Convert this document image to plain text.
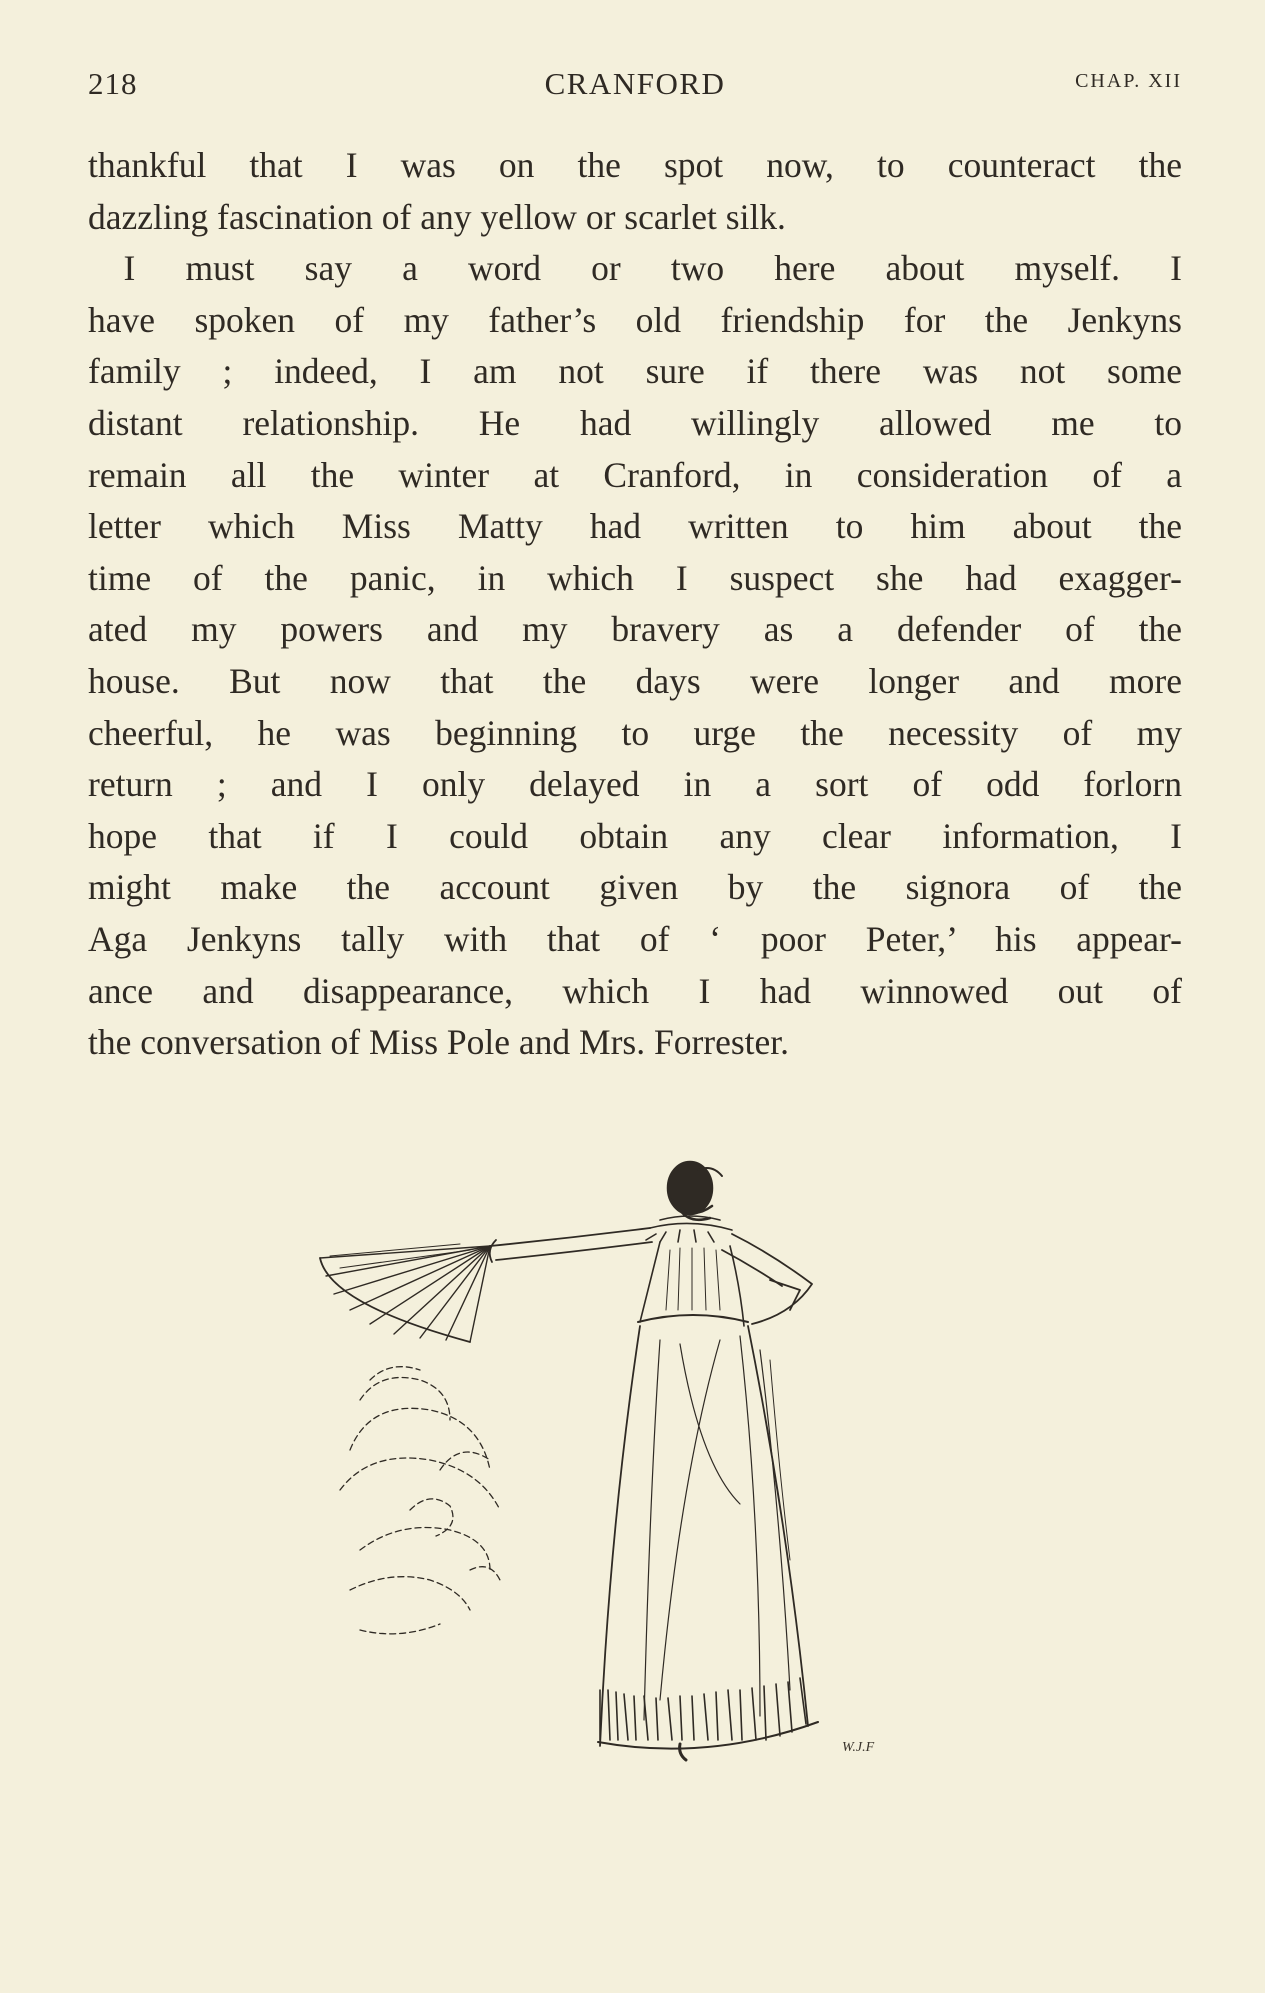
218	CRANFORD	CHAP. XII
thankful that I was on the spot now, to counteract the
dazzling fascination of any yellow or scarlet silk.
 I must say a word or two here about myself. I
have spoken of my father’s old friendship for the Jenkyns
family ; indeed, I am not sure if there was not some
distant relationship. He had willingly allowed me to
remain all the winter at Cranford, in consideration of a
letter which Miss Matty had written to him about the
time of the panic, in which I suspect she had exagger-
ated my powers and my bravery as a defender of the
house. But now that the days were longer and more
cheerful, he was beginning to urge the necessity of my
return ; and I only delayed in a sort of odd forlorn
hope that if I could obtain any clear information, I
might make the account given by the signora of the
Aga Jenkyns tally with that of ‘ poor Peter,’ his appear-
ance and disappearance, which I had winnowed out of
the conversation of Miss Pole and Mrs. Forrester.
W.J.F
